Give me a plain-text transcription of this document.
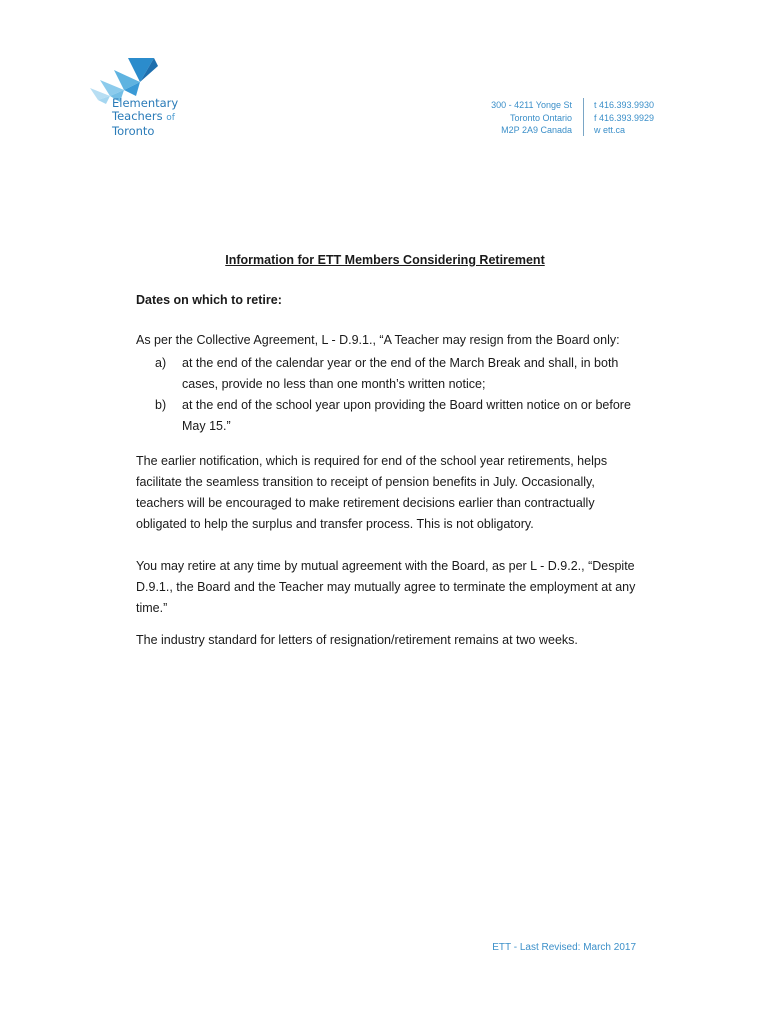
Elementary
Teachers of
Toronto
300 - 4211 Yonge St
Toronto Ontario
M2P 2A9 Canada
t 416.393.9930
f 416.393.9929
w ett.ca
Information for ETT Members Considering Retirement
Dates on which to retire:
As per the Collective Agreement, L - D.9.1., “A Teacher may resign from the Board only:
a) at the end of the calendar year or the end of the March Break and shall, in both cases, provide no less than one month’s written notice;
b) at the end of the school year upon providing the Board written notice on or before May 15.”
The earlier notification, which is required for end of the school year retirements, helps facilitate the seamless transition to receipt of pension benefits in July. Occasionally, teachers will be encouraged to make retirement decisions earlier than contractually obligated to help the surplus and transfer process. This is not obligatory.
You may retire at any time by mutual agreement with the Board, as per L - D.9.2., “Despite D.9.1., the Board and the Teacher may mutually agree to terminate the employment at any time.”
The industry standard for letters of resignation/retirement remains at two weeks.
ETT - Last Revised: March 2017
